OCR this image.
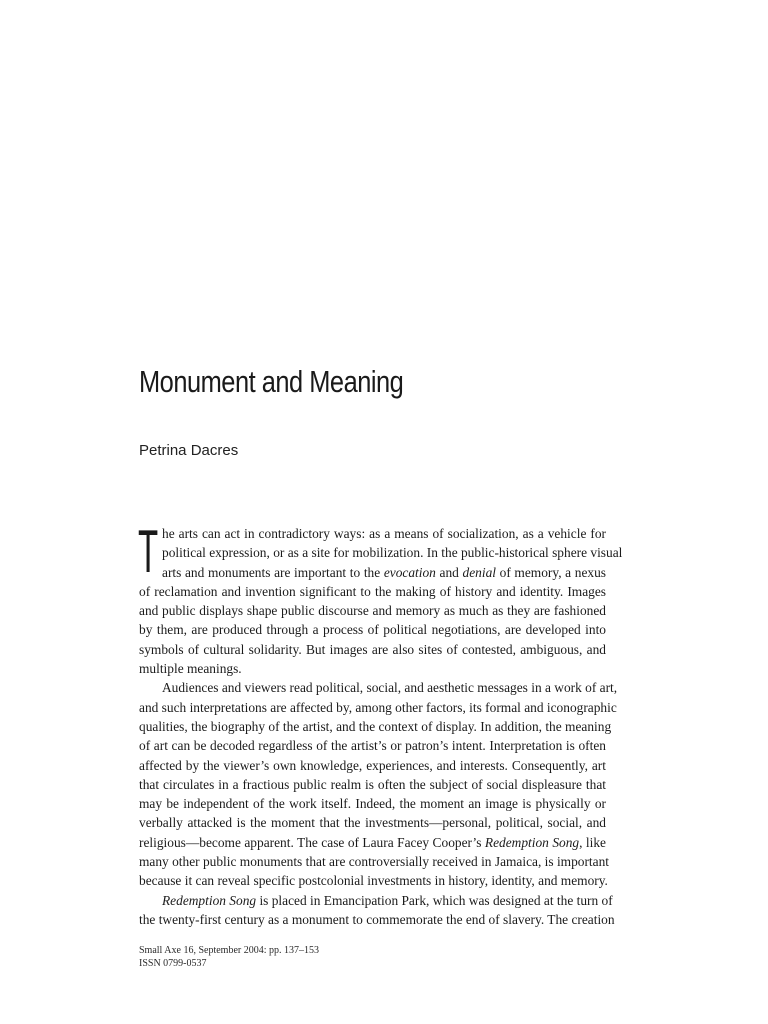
Monument and Meaning

Petrina Dacres

T he arts can act in contradictory ways: as a means of socialization, as a vehicle for
political expression, or as a site for mobilization. In the public-historical sphere visual
arts and monuments are important to the evocation and denial of memory, a nexus
of reclamation and invention significant to the making of history and identity. Images
and public displays shape public discourse and memory as much as they are fashioned
by them, are produced through a process of political negotiations, are developed into
symbols of cultural solidarity. But images are also sites of contested, ambiguous, and
multiple meanings.
Audiences and viewers read political, social, and aesthetic messages in a work of art,
and such interpretations are affected by, among other factors, its formal and iconographic
qualities, the biography of the artist, and the context of display. In addition, the meaning
of art can be decoded regardless of the artist’s or patron’s intent. Interpretation is often
affected by the viewer’s own knowledge, experiences, and interests. Consequently, art
that circulates in a fractious public realm is often the subject of social displeasure that
may be independent of the work itself. Indeed, the moment an image is physically or
verbally attacked is the moment that the investments—personal, political, social, and
religious—become apparent. The case of Laura Facey Cooper’s Redemption Song, like
many other public monuments that are controversially received in Jamaica, is important
because it can reveal specific postcolonial investments in history, identity, and memory.
Redemption Song is placed in Emancipation Park, which was designed at the turn of
the twenty-first century as a monument to commemorate the end of slavery. The creation
Small Axe 16, September 2004: pp. 137–153
ISSN 0799-0537
